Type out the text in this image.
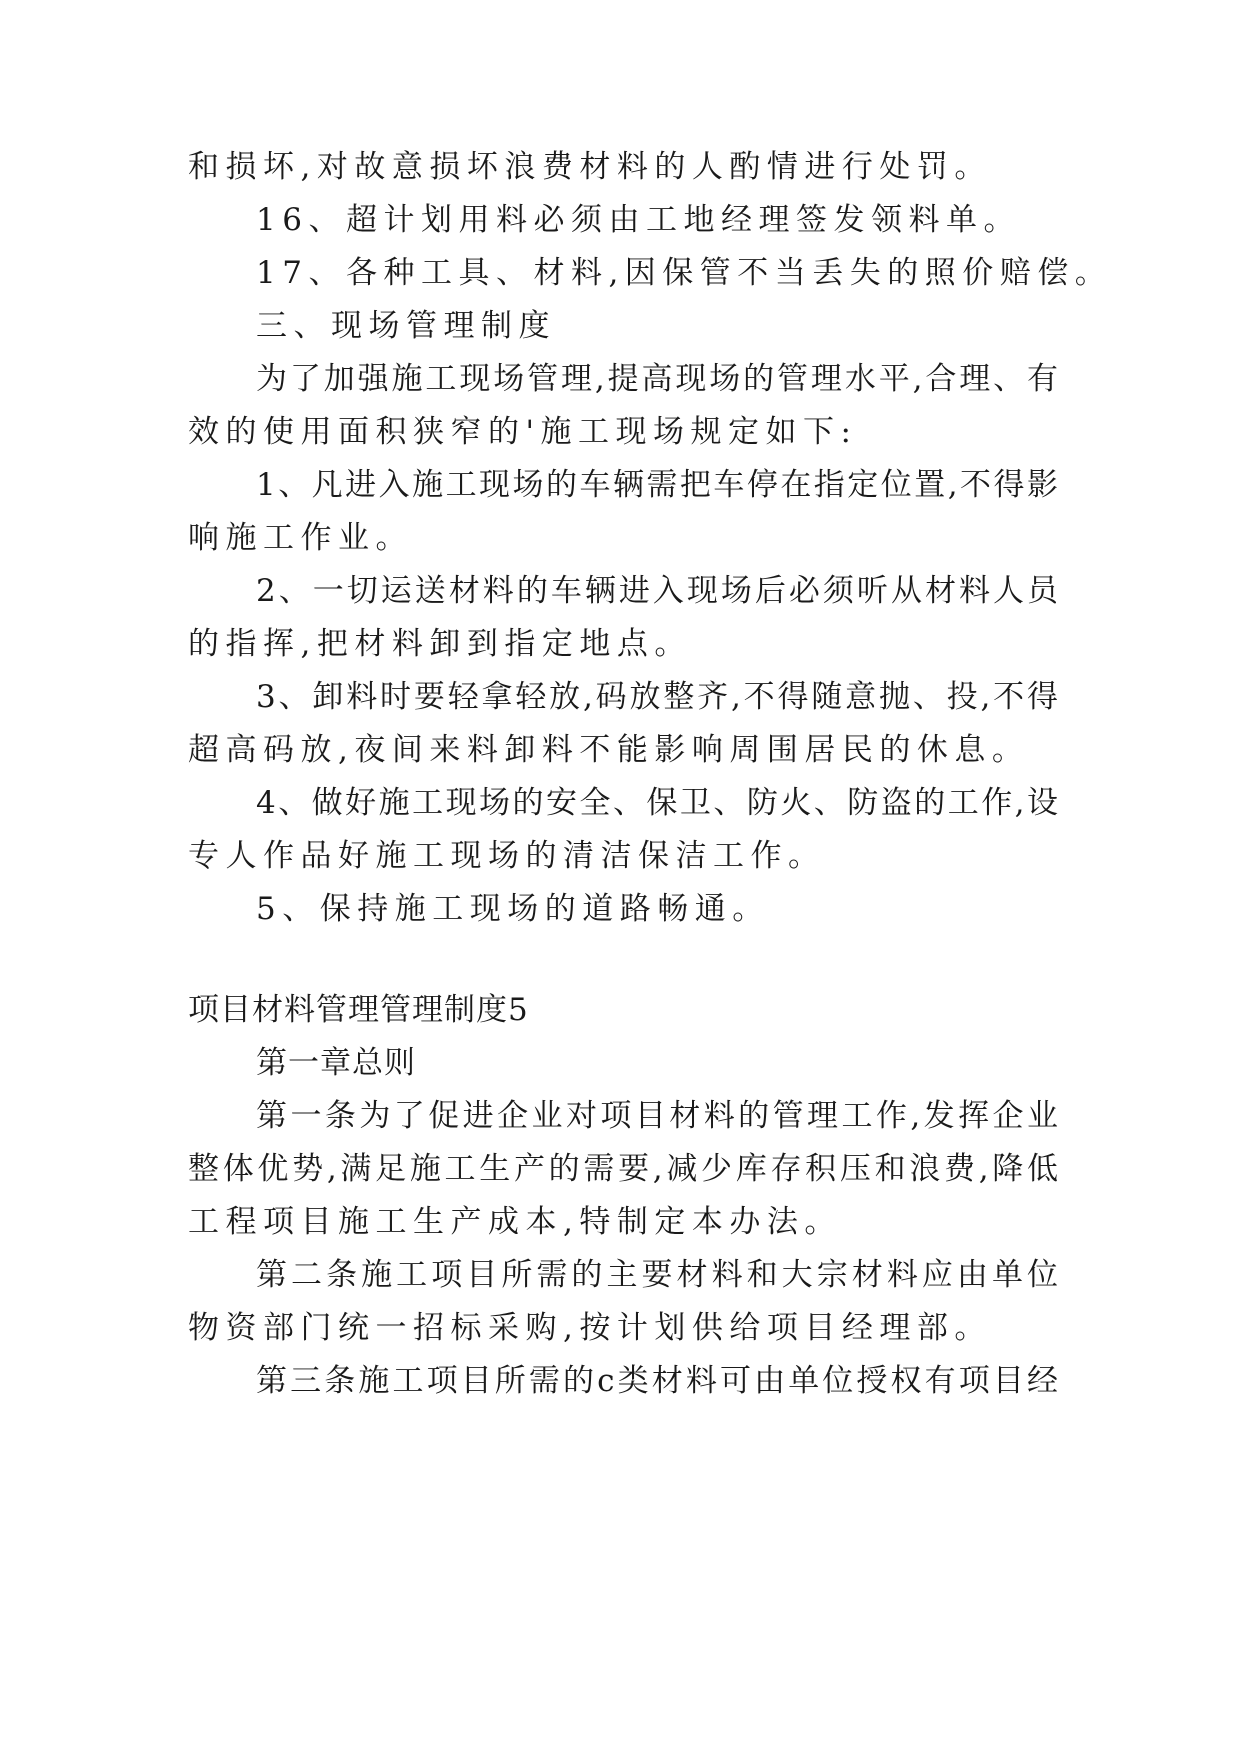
和损坏,对故意损坏浪费材料的人酌情进行处罚。
16、超计划用料必须由工地经理签发领料单。
17、各种工具、材料,因保管不当丢失的照价赔偿。
三、现场管理制度
为了加强施工现场管理,提高现场的管理水平,合理、有
效的使用面积狭窄的'施工现场规定如下:
1、凡进入施工现场的车辆需把车停在指定位置,不得影
响施工作业。
2、一切运送材料的车辆进入现场后必须听从材料人员
的指挥,把材料卸到指定地点。
3、卸料时要轻拿轻放,码放整齐,不得随意抛、投,不得
超高码放,夜间来料卸料不能影响周围居民的休息。
4、做好施工现场的安全、保卫、防火、防盗的工作,设
专人作品好施工现场的清洁保洁工作。
5、保持施工现场的道路畅通。
项目材料管理管理制度5
第一章总则
第一条为了促进企业对项目材料的管理工作,发挥企业
整体优势,满足施工生产的需要,减少库存积压和浪费,降低
工程项目施工生产成本,特制定本办法。
第二条施工项目所需的主要材料和大宗材料应由单位
物资部门统一招标采购,按计划供给项目经理部。
第三条施工项目所需的c类材料可由单位授权有项目经
